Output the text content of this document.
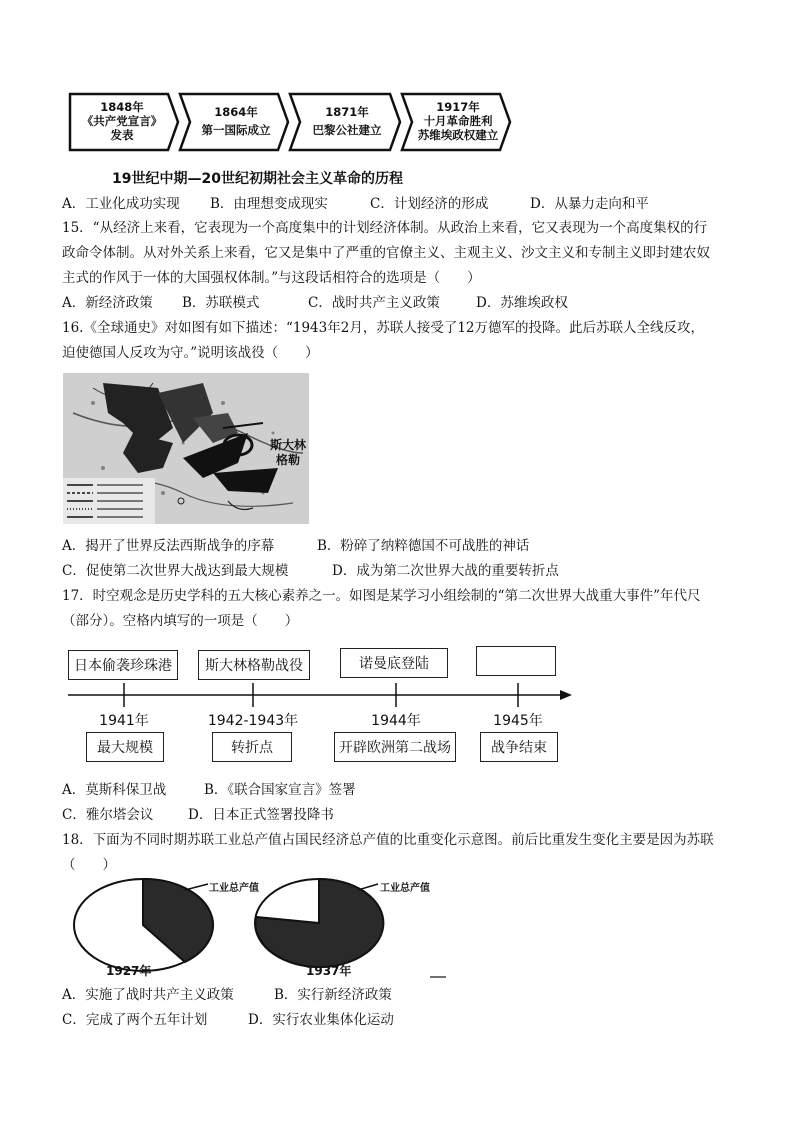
1848年
《共产党宣言》
发表
1864年
第一国际成立
1871年
巴黎公社建立
1917年
十月革命胜利
苏维埃政权建立
19世纪中期—20世纪初期社会主义革命的历程
A．工业化成功实现 B．由理想变成现实	C．计划经济的形成	D．从暴力走向和平
15．“从经济上来看，它表现为一个高度集中的计划经济体制。从政治上来看，它又表现为一个高度集权的行
政命令体制。从对外关系上来看，它又是集中了严重的官僚主义、主观主义、沙文主义和专制主义即封建农奴
主式的作风于一体的大国强权体制。”与这段话相符合的选项是（　　）
A．新经济政策 B．苏联模式	C．战时共产主义政策	D．苏维埃政权
16.《全球通史》对如图有如下描述：“1943年2月，苏联人接受了12万德军的投降。此后苏联人全线反攻，
迫使德国人反攻为守。”说明该战役（　　）
斯大林
格勒
A．揭开了世界反法西斯战争的序幕	B．粉碎了纳粹德国不可战胜的神话
C．促使第二次世界大战达到最大规模	D．成为第二次世界大战的重要转折点
17．时空观念是历史学科的五大核心素养之一。如图是某学习小组绘制的“第二次世界大战重大事件”年代尺
（部分）。空格内填写的一项是（　　）
日本偷袭珍珠港	斯大林格勒战役	诺曼底登陆
1941年	1942-1943年	1944年	1945年
最大规模	转折点	开辟欧洲第二战场	战争结束
A．莫斯科保卫战	B．《联合国家宣言》签署
C．雅尔塔会议	D．日本正式签署投降书
18．下面为不同时期苏联工业总产值占国民经济总产值的比重变化示意图。前后比重发生变化主要是因为苏联
（　　）
工业总产值	工业总产值
1927年	1937年
A．实施了战时共产主义政策	B．实行新经济政策
C．完成了两个五年计划	D．实行农业集体化运动
